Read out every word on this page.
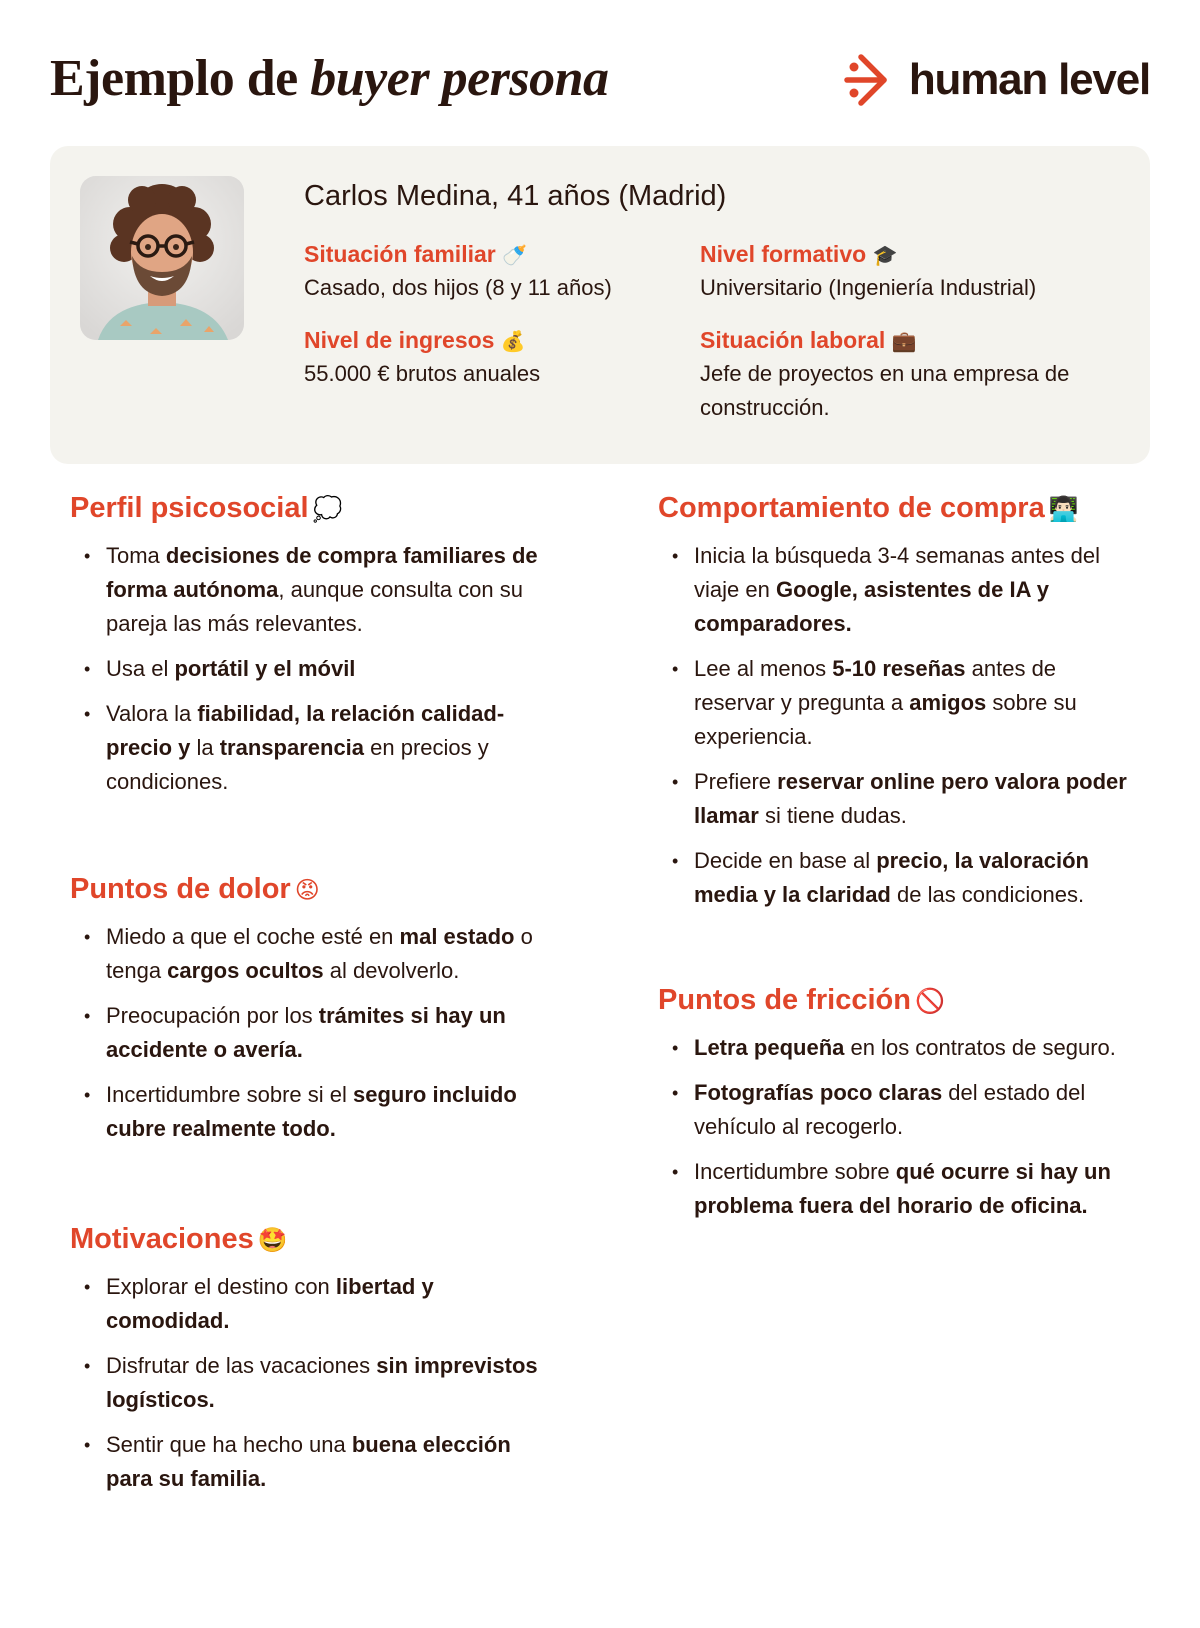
Ejemplo de buyer persona	human level
Carlos Medina, 41 años (Madrid)
Situación familiar 🍼
Casado, dos hijos (8 y 11 años)
Nivel formativo 🎓
Universitario (Ingeniería Industrial)
Nivel de ingresos 💰
55.000 € brutos anuales
Situación laboral 💼
Jefe de proyectos en una empresa de construcción.
Perfil psicosocial 💭
• Toma decisiones de compra familiares de forma autónoma, aunque consulta con su pareja las más relevantes.
• Usa el portátil y el móvil
• Valora la fiabilidad, la relación calidad-precio y la transparencia en precios y condiciones.
Puntos de dolor 😡
• Miedo a que el coche esté en mal estado o tenga cargos ocultos al devolverlo.
• Preocupación por los trámites si hay un accidente o avería.
• Incertidumbre sobre si el seguro incluido cubre realmente todo.
Motivaciones 🤩
• Explorar el destino con libertad y comodidad.
• Disfrutar de las vacaciones sin imprevistos logísticos.
• Sentir que ha hecho una buena elección para su familia.
Comportamiento de compra 👨🏻‍💻
• Inicia la búsqueda 3-4 semanas antes del viaje en Google, asistentes de IA y comparadores.
• Lee al menos 5-10 reseñas antes de reservar y pregunta a amigos sobre su experiencia.
• Prefiere reservar online pero valora poder llamar si tiene dudas.
• Decide en base al precio, la valoración media y la claridad de las condiciones.
Puntos de fricción 🚫
• Letra pequeña en los contratos de seguro.
• Fotografías poco claras del estado del vehículo al recogerlo.
• Incertidumbre sobre qué ocurre si hay un problema fuera del horario de oficina.
